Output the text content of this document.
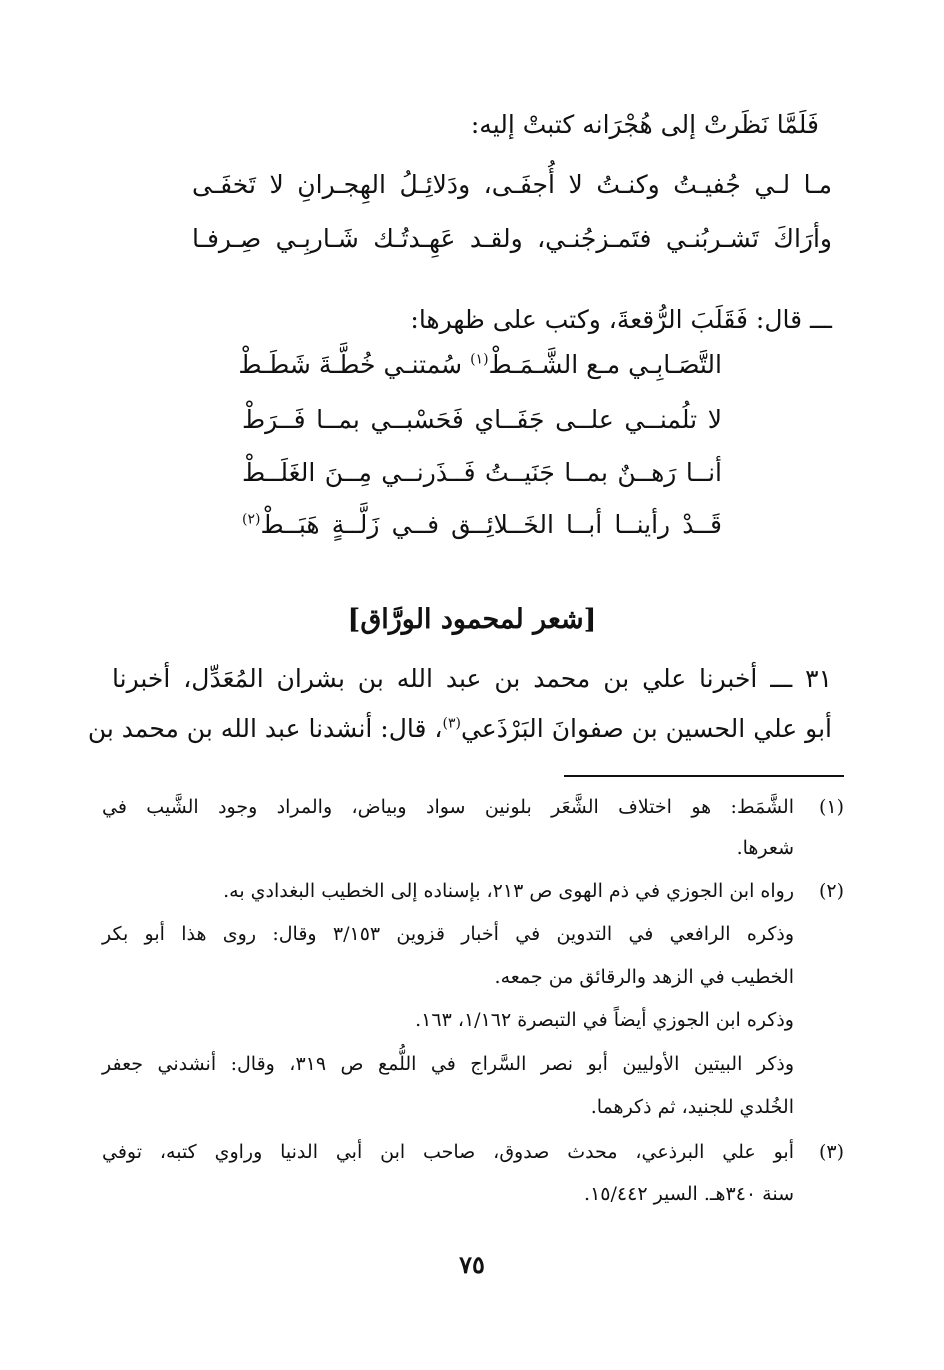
فَلَمَّا نَظَرتْ إلى هُجْرَانه كتبتْ إليه:
مـا لـي جُفيـتُ وكنـتُ لا أُجفَـى، ودَلائِـلُ الهِجـرانِ لا تَخفَـى
وأرَاكَ تَشـربُنـي فتَمـزجُنـي، ولقـد عَهِـدتُـك شَـاربِـي صِـرفـا
ـــ قال: فَقَلَبَ الرُّقعةَ، وكتب على ظهرها:
التَّصَـابِـي مـع الشَّـمَـطْ$^{(١)}$ سُمتنـي خُطَّـةَ شَطَـطْ
لا تلُمنــي علــى جَفَــاي فَحَسْبــي بمــا فَــرَطْ
أنــا رَهــنٌ بمــا جَنَيــتُ فَــذَرنــي مِــنَ الغَلَــطْ
قَــدْ رأينــا أبــا الخَــلائِــق فــي زَلَّــةٍ هَبَــطْ$^{(٢)}$
[شعر لمحمود الورَّاق]
٣١ ـــ أخبرنا علي بن محمد بن عبد الله بن بشران المُعَدِّل، أخبرنا
أبو علي الحسين بن صفوانَ البَرْذَعي$^{(٣)}$، قال: أنشدنا عبد الله بن محمد بن
(١)
الشَّمَط: هو اختلاف الشَّعَر بلونين سواد وبياض، والمراد وجود الشَّيب في
شعرها.
(٢)
رواه ابن الجوزي في ذم الهوى ص ٢١٣، بإسناده إلى الخطيب البغدادي به.
وذكره الرافعي في التدوين في أخبار قزوين ٣/١٥٣ وقال: روى هذا أبو بكر
الخطيب في الزهد والرقائق من جمعه.
وذكره ابن الجوزي أيضاً في التبصرة ١/١٦٢، ١٦٣.
وذكر البيتين الأوليين أبو نصر السَّراج في اللُّمع ص ٣١٩، وقال: أنشدني جعفر
الخُلدي للجنيد، ثم ذكرهما.
(٣)
أبو علي البرذعي، محدث صدوق، صاحب ابن أبي الدنيا وراوي كتبه، توفي
سنة ٣٤٠هـ. السير ١٥/٤٤٢.
٧٥
